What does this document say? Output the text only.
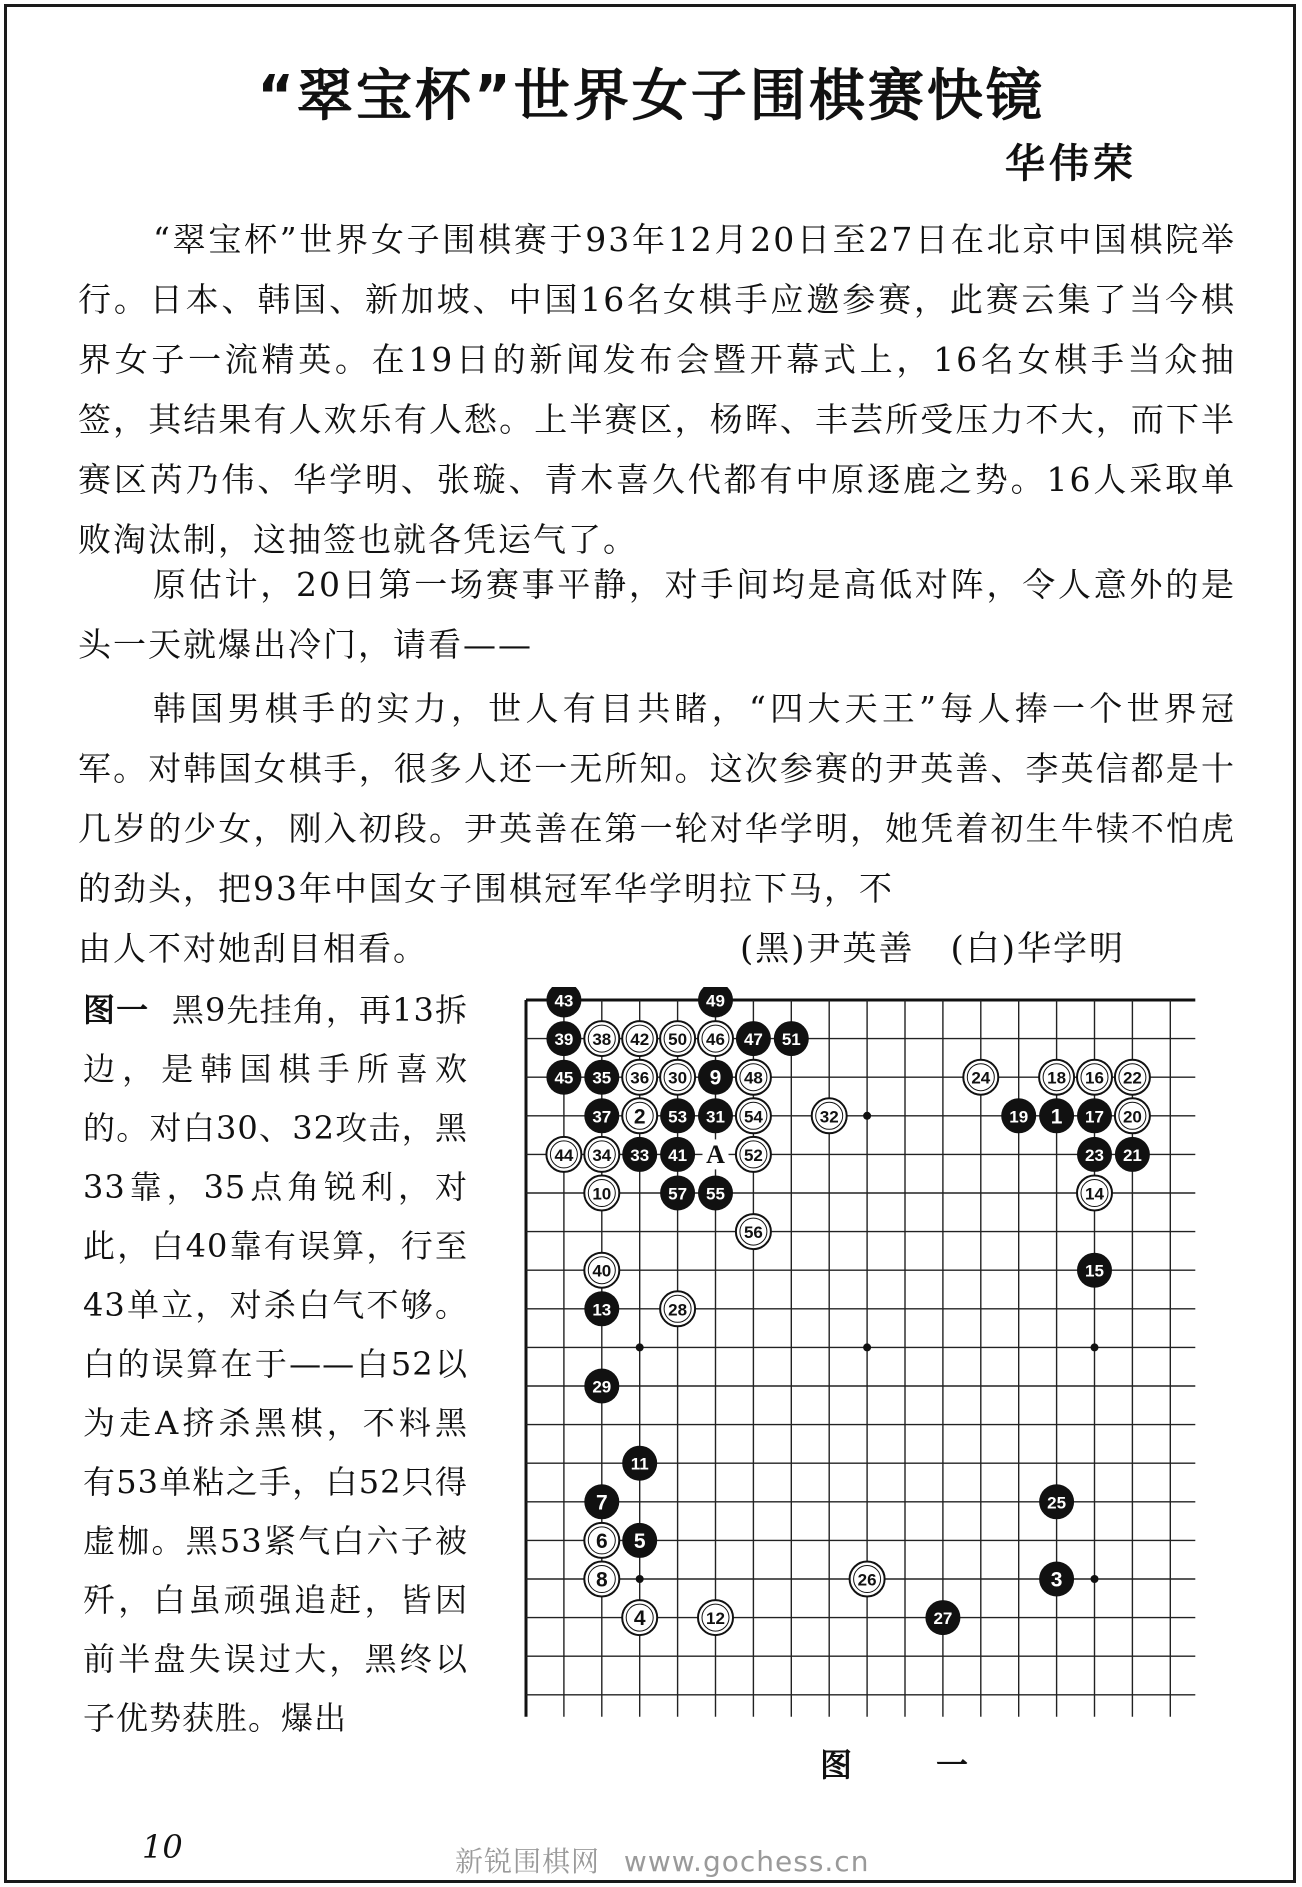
“翠宝杯”世界女子围棋赛快镜
华伟荣

“翠宝杯”世界女子围棋赛于93年12月20日至27日在北京中国棋院举行。日本、韩国、新加坡、中国16名女棋手应邀参赛，此赛云集了当今棋界女子一流精英。在19日的新闻发布会暨开幕式上，16名女棋手当众抽签，其结果有人欢乐有人愁。上半赛区，杨晖、丰芸所受压力不大，而下半赛区芮乃伟、华学明、张璇、青木喜久代都有中原逐鹿之势。16人采取单败淘汰制，这抽签也就各凭运气了。

原估计，20日第一场赛事平静，对手间均是高低对阵，令人意外的是头一天就爆出冷门，请看——

韩国男棋手的实力，世人有目共睹，“四大天王”每人捧一个世界冠军。对韩国女棋手，很多人还一无所知。这次参赛的尹英善、李英信都是十几岁的少女，刚入初段。尹英善在第一轮对华学明，她凭着初生牛犊不怕虎的劲头，把93年中国女子围棋冠军华学明拉下马，不

由人不对她刮目相看。	(黑)尹英善　(白)华学明

图一 黑9先挂角，再13拆边，是韩国棋手所喜欢的。对白30、32攻击，黑33靠，35点角锐利，对此，白40靠有误算，行至43单立，对杀白气不够。白的误算在于——白52以为走A挤杀黑棋，不料黑有53单粘之手，白52只得虚枷。黑53紧气白六子被歼，白虽顽强追赶，皆因前半盘失误过大，黑终以子优势获胜。爆出

2
4
6
8
10
12
14
16
18
20
22
24
26
28
30
32
34
36
38
40
42
44
46
48
50
52
54
56
1
3
5
7
9
11
13
15
17
19
21
23
25
27
29
31
33
35
37
39
41
43
45
47
49
51
53
55
57
A
图　一
10	新锐围棋网 www.gochess.cn
